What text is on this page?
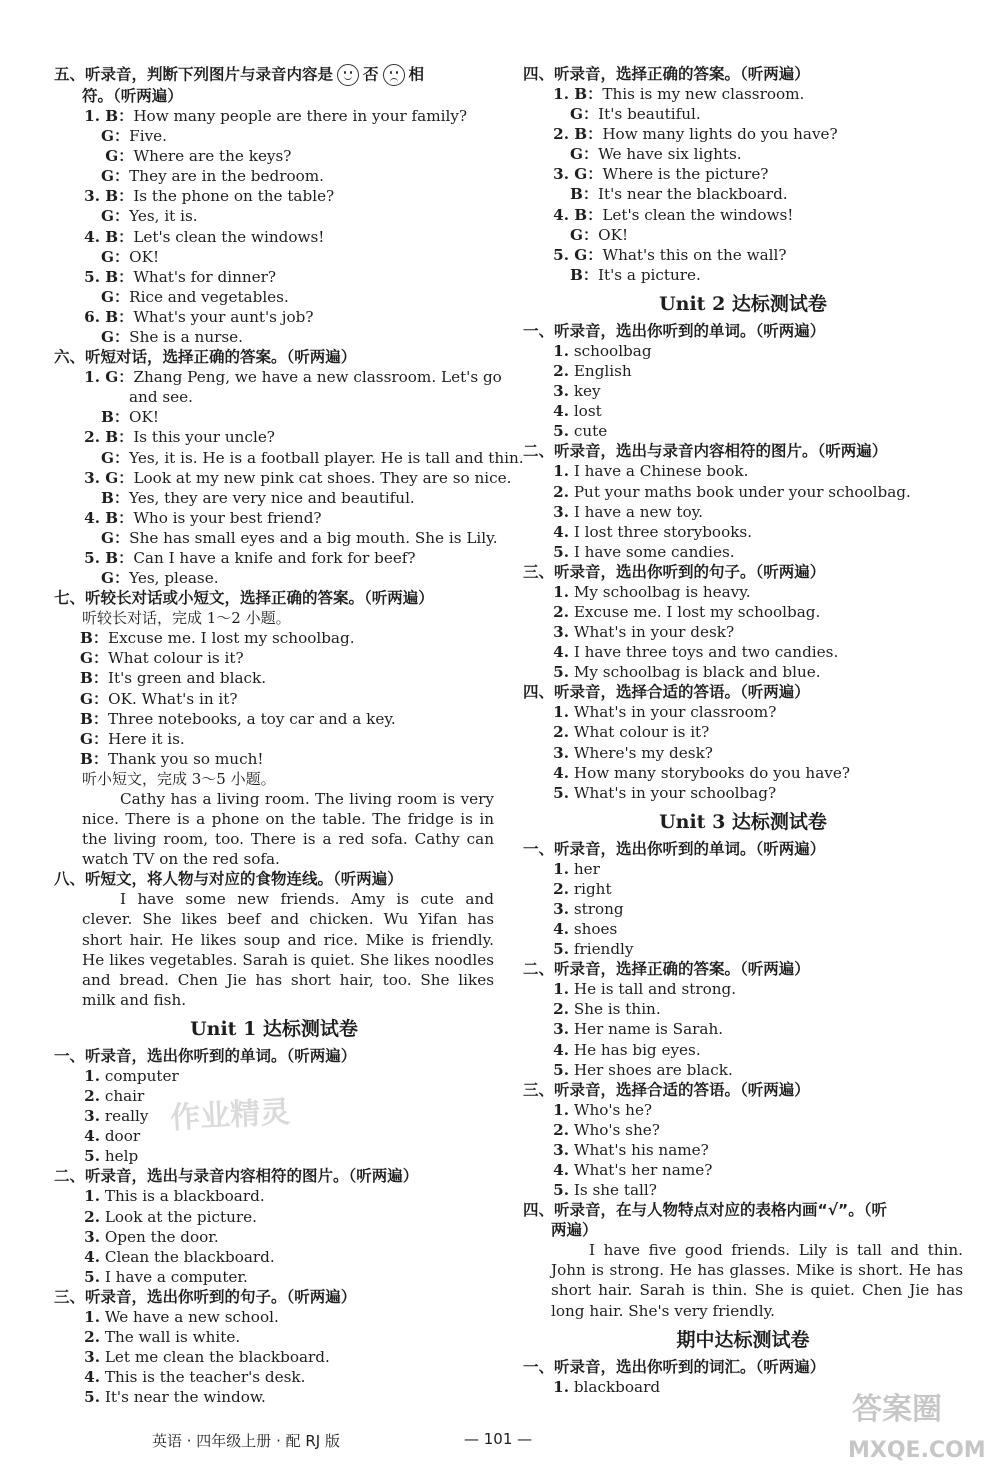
五、听录音，判断下列图片与录音内容是 否 相
符。（听两遍）
1. B：How many people are there in your family?
G：Five.
G：Where are the keys?
G：They are in the bedroom.
3. B：Is the phone on the table?
G：Yes, it is.
4. B：Let's clean the windows!
G：OK!
5. B：What's for dinner?
G：Rice and vegetables.
6. B：What's your aunt's job?
G：She is a nurse.
六、听短对话，选择正确的答案。（听两遍）
1. G：Zhang Peng, we have a new classroom. Let's go
and see.
B：OK!
2. B：Is this your uncle?
G：Yes, it is. He is a football player. He is tall and thin.
3. G：Look at my new pink cat shoes. They are so nice.
B：Yes, they are very nice and beautiful.
4. B：Who is your best friend?
G：She has small eyes and a big mouth. She is Lily.
5. B：Can I have a knife and fork for beef?
G：Yes, please.
七、听较长对话或小短文，选择正确的答案。（听两遍）
听较长对话，完成 1～2 小题。
B：Excuse me. I lost my schoolbag.
G：What colour is it?
B：It's green and black.
G：OK. What's in it?
B：Three notebooks, a toy car and a key.
G：Here it is.
B：Thank you so much!
听小短文，完成 3～5 小题。

Cathy has a living room. The living room is very nice. There is a phone on the table. The fridge is in the living room, too. There is a red sofa. Cathy can watch TV on the red sofa.

八、听短文，将人物与对应的食物连线。（听两遍）

I have some new friends. Amy is cute and clever. She likes beef and chicken. Wu Yifan has short hair. He likes soup and rice. Mike is friendly. He likes vegetables. Sarah is quiet. She likes noodles and bread. Chen Jie has short hair, too. She likes milk and fish.

Unit 1 达标测试卷
一、听录音，选出你听到的单词。（听两遍）
1. computer
2. chair
3. really
4. door
5. help
二、听录音，选出与录音内容相符的图片。（听两遍）
1. This is a blackboard.
2. Look at the picture.
3. Open the door.
4. Clean the blackboard.
5. I have a computer.
三、听录音，选出你听到的句子。（听两遍）
1. We have a new school.
2. The wall is white.
3. Let me clean the blackboard.
4. This is the teacher's desk.
5. It's near the window.
四、听录音，选择正确的答案。（听两遍）
1. B：This is my new classroom.
G：It's beautiful.
2. B：How many lights do you have?
G：We have six lights.
3. G：Where is the picture?
B：It's near the blackboard.
4. B：Let's clean the windows!
G：OK!
5. G：What's this on the wall?
B：It's a picture.
Unit 2 达标测试卷
一、听录音，选出你听到的单词。（听两遍）
1. schoolbag
2. English
3. key
4. lost
5. cute
二、听录音，选出与录音内容相符的图片。（听两遍）
1. I have a Chinese book.
2. Put your maths book under your schoolbag.
3. I have a new toy.
4. I lost three storybooks.
5. I have some candies.
三、听录音，选出你听到的句子。（听两遍）
1. My schoolbag is heavy.
2. Excuse me. I lost my schoolbag.
3. What's in your desk?
4. I have three toys and two candies.
5. My schoolbag is black and blue.
四、听录音，选择合适的答语。（听两遍）
1. What's in your classroom?
2. What colour is it?
3. Where's my desk?
4. How many storybooks do you have?
5. What's in your schoolbag?
Unit 3 达标测试卷
一、听录音，选出你听到的单词。（听两遍）
1. her
2. right
3. strong
4. shoes
5. friendly
二、听录音，选择正确的答案。（听两遍）
1. He is tall and strong.
2. She is thin.
3. Her name is Sarah.
4. He has big eyes.
5. Her shoes are black.
三、听录音，选择合适的答语。（听两遍）
1. Who's he?
2. Who's she?
3. What's his name?
4. What's her name?
5. Is she tall?
四、听录音，在与人物特点对应的表格内画“√”。（听
两遍）

I have five good friends. Lily is tall and thin. John is strong. He has glasses. Mike is short. He has short hair. Sarah is thin. She is quiet. Chen Jie has long hair. She's very friendly.

期中达标测试卷
一、听录音，选出你听到的词汇。（听两遍）
1. blackboard
英语 · 四年级上册 · 配 RJ 版	— 101 —
作业精灵
答案圈
MXQE.COM
